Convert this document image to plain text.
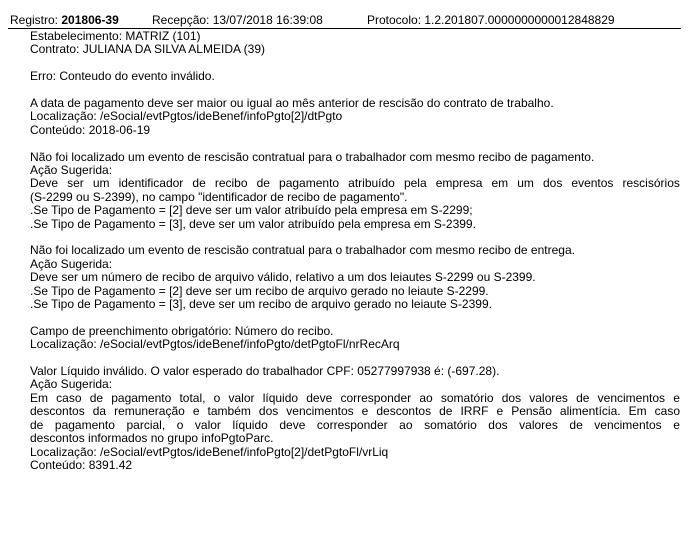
Registro: 201806-39	Recepção: 13/07/2018 16:39:08	Protocolo: 1.2.201807.0000000000012848829
Estabelecimento: MATRIZ (101)
Contrato: JULIANA DA SILVA ALMEIDA (39)
Erro: Conteudo do evento inválido.
A data de pagamento deve ser maior ou igual ao mês anterior de rescisão do contrato de trabalho.
Localização: /eSocial/evtPgtos/ideBenef/infoPgto[2]/dtPgto
Conteúdo: 2018-06-19
Não foi localizado um evento de rescisão contratual para o trabalhador com mesmo recibo de pagamento.
Ação Sugerida:
Deve ser um identificador de recibo de pagamento atribuído pela empresa em um dos eventos rescisórios
(S-2299 ou S-2399), no campo "identificador de recibo de pagamento".
.Se Tipo de Pagamento = [2] deve ser um valor atribuído pela empresa em S-2299;
.Se Tipo de Pagamento = [3], deve ser um valor atribuído pela empresa em S-2399.
Não foi localizado um evento de rescisão contratual para o trabalhador com mesmo recibo de entrega.
Ação Sugerida:
Deve ser um número de recibo de arquivo válido, relativo a um dos leiautes S-2299 ou S-2399.
.Se Tipo de Pagamento = [2] deve ser um recibo de arquivo gerado no leiaute S-2299.
.Se Tipo de Pagamento = [3], deve ser um recibo de arquivo gerado no leiaute S-2399.
Campo de preenchimento obrigatório: Número do recibo.
Localização: /eSocial/evtPgtos/ideBenef/infoPgto/detPgtoFl/nrRecArq
Valor Líquido inválido. O valor esperado do trabalhador CPF: 05277997938 é: (-697.28).
Ação Sugerida:
Em caso de pagamento total, o valor líquido deve corresponder ao somatório dos valores de vencimentos e
descontos da remuneração e também dos vencimentos e descontos de IRRF e Pensão alimentícia. Em caso
de pagamento parcial, o valor líquido deve corresponder ao somatório dos valores de vencimentos e
descontos informados no grupo infoPgtoParc.
Localização: /eSocial/evtPgtos/ideBenef/infoPgto[2]/detPgtoFl/vrLiq
Conteúdo: 8391.42
